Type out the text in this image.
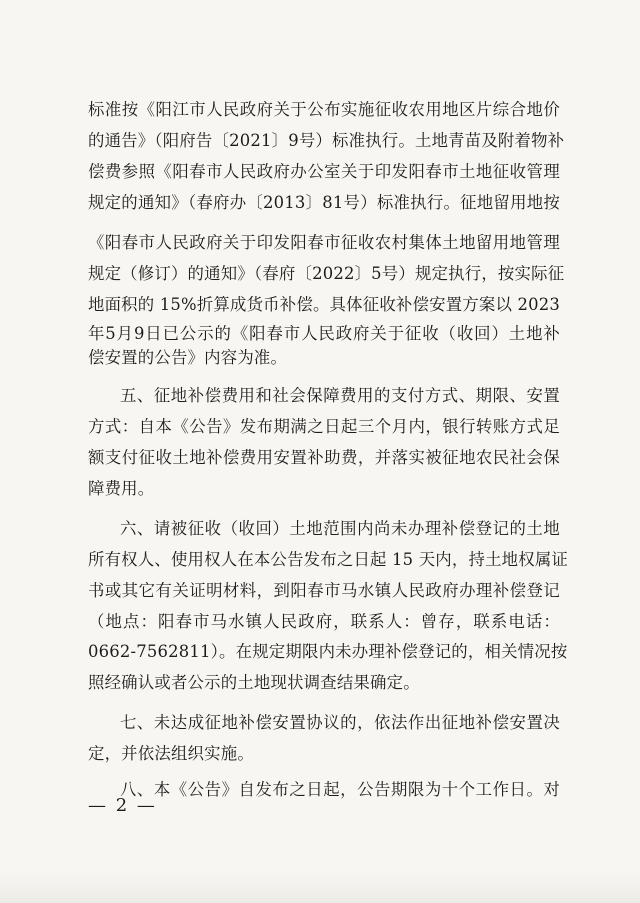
标准按《阳江市人民政府关于公布实施征收农用地区片综合地价
的通告》（阳府告〔2021〕9号）标准执行。土地青苗及附着物补
偿费参照《阳春市人民政府办公室关于印发阳春市土地征收管理
规定的通知》（春府办〔2013〕81号）标准执行。征地留用地按
《阳春市人民政府关于印发阳春市征收农村集体土地留用地管理
规定（修订）的通知》（春府〔2022〕5号）规定执行，按实际征
地面积的 15%折算成货币补偿。具体征收补偿安置方案以 2023
年5月9日已公示的《阳春市人民政府关于征收（收回）土地补
偿安置的公告》内容为准。
五、征地补偿费用和社会保障费用的支付方式、期限、安置
方式：自本《公告》发布期满之日起三个月内，银行转账方式足
额支付征收土地补偿费用安置补助费，并落实被征地农民社会保
障费用。
六、请被征收（收回）土地范围内尚未办理补偿登记的土地
所有权人、使用权人在本公告发布之日起 15 天内，持土地权属证
书或其它有关证明材料，到阳春市马水镇人民政府办理补偿登记
（地点：阳春市马水镇人民政府，联系人：曾存，联系电话：
0662-7562811）。在规定期限内未办理补偿登记的，相关情况按
照经确认或者公示的土地现状调查结果确定。
七、未达成征地补偿安置协议的，依法作出征地补偿安置决
定，并依法组织实施。
八、本《公告》自发布之日起，公告期限为十个工作日。对
— 2 —
